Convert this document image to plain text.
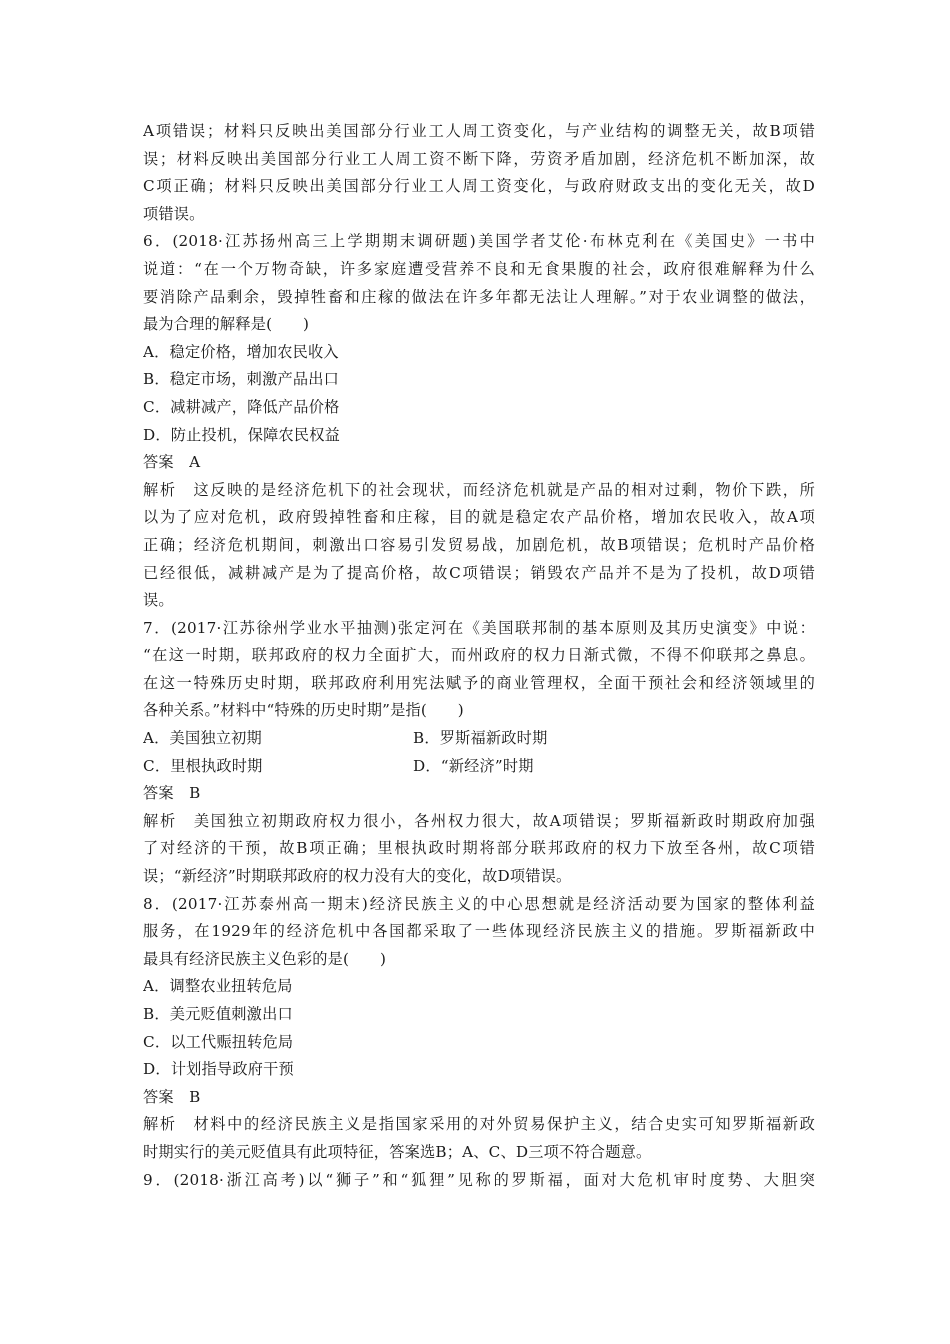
A项错误；材料只反映出美国部分行业工人周工资变化，与产业结构的调整无关，故B项错
误；材料反映出美国部分行业工人周工资不断下降，劳资矛盾加剧，经济危机不断加深，故
C项正确；材料只反映出美国部分行业工人周工资变化，与政府财政支出的变化无关，故D
项错误。
6．(2018·江苏扬州高三上学期期末调研题)美国学者艾伦·布林克利在《美国史》一书中
说道：“在一个万物奇缺，许多家庭遭受营养不良和无食果腹的社会，政府很难解释为什么
要消除产品剩余，毁掉牲畜和庄稼的做法在许多年都无法让人理解。”对于农业调整的做法，
最为合理的解释是(　　)
A．稳定价格，增加农民收入
B．稳定市场，刺激产品出口
C．减耕减产，降低产品价格
D．防止投机，保障农民权益
答案　A
解析　这反映的是经济危机下的社会现状，而经济危机就是产品的相对过剩，物价下跌，所
以为了应对危机，政府毁掉牲畜和庄稼，目的就是稳定农产品价格，增加农民收入，故A项
正确；经济危机期间，刺激出口容易引发贸易战，加剧危机，故B项错误；危机时产品价格
已经很低，减耕减产是为了提高价格，故C项错误；销毁农产品并不是为了投机，故D项错
误。
7．(2017·江苏徐州学业水平抽测)张定河在《美国联邦制的基本原则及其历史演变》中说：
“在这一时期，联邦政府的权力全面扩大，而州政府的权力日渐式微，不得不仰联邦之鼻息。
在这一特殊历史时期，联邦政府利用宪法赋予的商业管理权，全面干预社会和经济领域里的
各种关系。”材料中“特殊的历史时期”是指(　　)
A．美国独立初期	B．罗斯福新政时期
C．里根执政时期	D．“新经济”时期
答案　B
解析　美国独立初期政府权力很小，各州权力很大，故A项错误；罗斯福新政时期政府加强
了对经济的干预，故B项正确；里根执政时期将部分联邦政府的权力下放至各州，故C项错
误；“新经济”时期联邦政府的权力没有大的变化，故D项错误。
8．(2017·江苏泰州高一期末)经济民族主义的中心思想就是经济活动要为国家的整体利益
服务，在1929年的经济危机中各国都采取了一些体现经济民族主义的措施。罗斯福新政中
最具有经济民族主义色彩的是(　　)
A．调整农业扭转危局
B．美元贬值刺激出口
C．以工代赈扭转危局
D．计划指导政府干预
答案　B
解析　材料中的经济民族主义是指国家采用的对外贸易保护主义，结合史实可知罗斯福新政
时期实行的美元贬值具有此项特征，答案选B；A、C、D三项不符合题意。
9．(2018·浙江高考)以“狮子”和“狐狸”见称的罗斯福，面对大危机审时度势、大胆突
